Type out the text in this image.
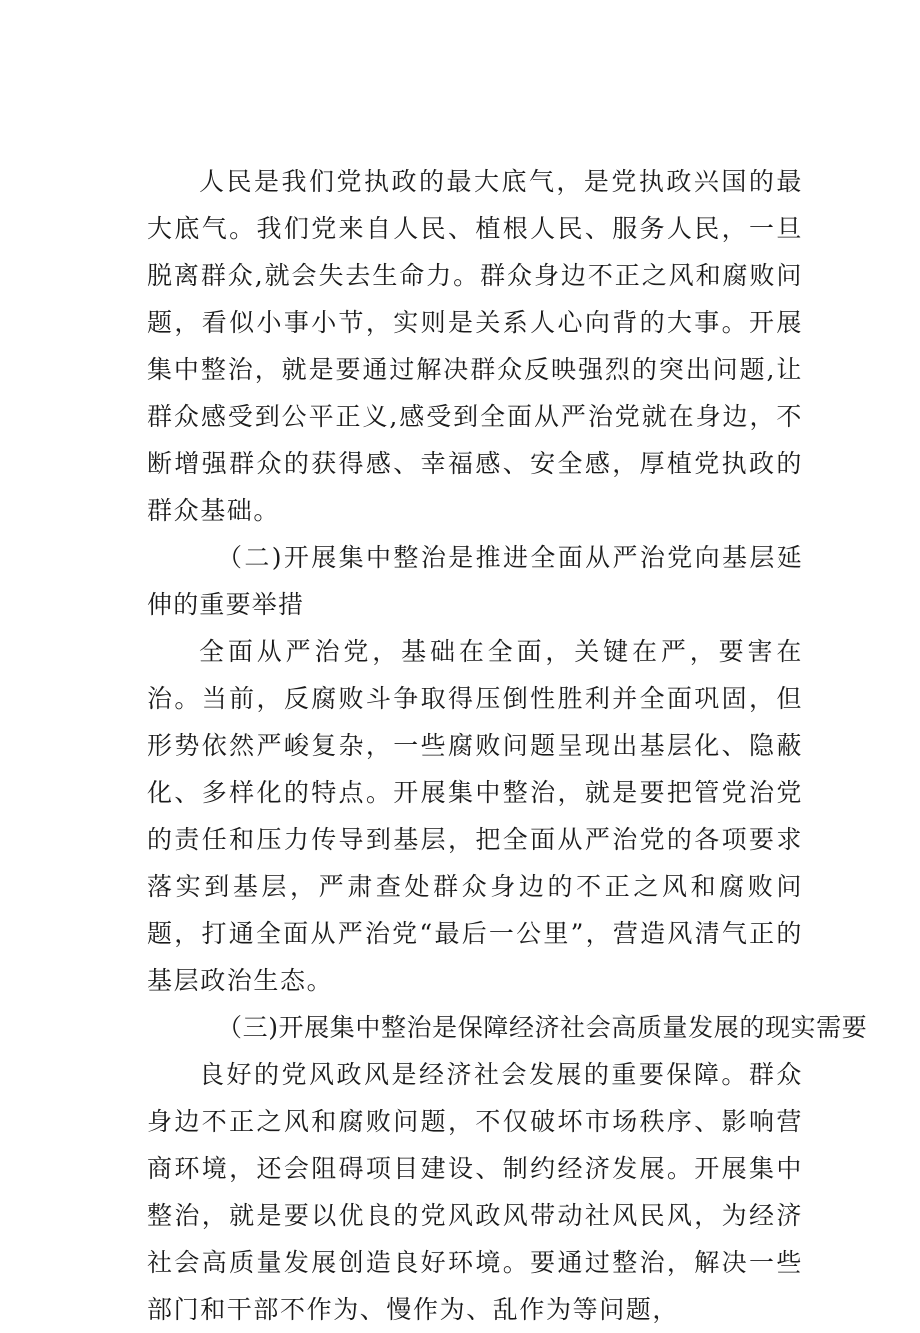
人民是我们党执政的最大底气，是党执政兴国的最大底气。我们党来自人民、植根人民、服务人民，一旦脱离群众,就会失去生命力。群众身边不正之风和腐败问题，看似小事小节，实则是关系人心向背的大事。开展集中整治，就是要通过解决群众反映强烈的突出问题,让群众感受到公平正义,感受到全面从严治党就在身边，不断增强群众的获得感、幸福感、安全感，厚植党执政的群众基础。

（二)开展集中整治是推进全面从严治党向基层延伸的重要举措

全面从严治党，基础在全面，关键在严，要害在治。当前，反腐败斗争取得压倒性胜利并全面巩固，但形势依然严峻复杂，一些腐败问题呈现出基层化、隐蔽化、多样化的特点。开展集中整治，就是要把管党治党的责任和压力传导到基层，把全面从严治党的各项要求落实到基层，严肃查处群众身边的不正之风和腐败问题，打通全面从严治党“最后一公里”，营造风清气正的基层政治生态。

（三)开展集中整治是保障经济社会高质量发展的现实需要

良好的党风政风是经济社会发展的重要保障。群众身边不正之风和腐败问题，不仅破坏市场秩序、影响营商环境，还会阻碍项目建设、制约经济发展。开展集中整治，就是要以优良的党风政风带动社风民风，为经济社会高质量发展创造良好环境。要通过整治，解决一些部门和干部不作为、慢作为、乱作为等问题，
